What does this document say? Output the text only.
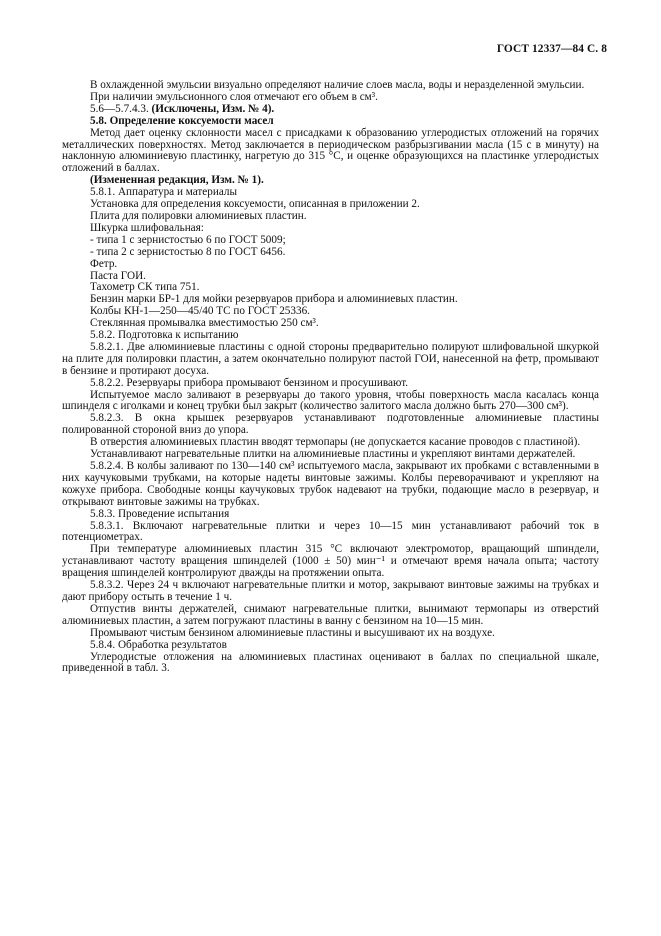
ГОСТ 12337—84 С. 8

В охлажденной эмульсии визуально определяют наличие слоев масла, воды и неразделенной эмульсии.

При наличии эмульсионного слоя отмечают его объем в см³.

5.6—5.7.4.3. (Исключены, Изм. № 4).

5.8. Определение коксуемости масел

Метод дает оценку склонности масел с присадками к образованию углеродистых отложений на горячих металлических поверхностях. Метод заключается в периодическом разбрызгивании масла (15 с в минуту) на наклонную алюминиевую пластинку, нагретую до 315 °С, и оценке образующихся на пластинке углеродистых отложений в баллах.

(Измененная редакция, Изм. № 1).

5.8.1. Аппаратура и материалы

Установка для определения коксуемости, описанная в приложении 2.

Плита для полировки алюминиевых пластин.

Шкурка шлифовальная:

- типа 1 с зернистостью 6 по ГОСТ 5009;

- типа 2 с зернистостью 8 по ГОСТ 6456.

Фетр.

Паста ГОИ.

Тахометр СК типа 751.

Бензин марки БР-1 для мойки резервуаров прибора и алюминиевых пластин.

Колбы КН-1—250—45/40 ТС по ГОСТ 25336.

Стеклянная промывалка вместимостью 250 см³.

5.8.2. Подготовка к испытанию

5.8.2.1. Две алюминиевые пластины с одной стороны предварительно полируют шлифовальной шкуркой на плите для полировки пластин, а затем окончательно полируют пастой ГОИ, нанесенной на фетр, промывают в бензине и протирают досуха.

5.8.2.2. Резервуары прибора промывают бензином и просушивают.

Испытуемое масло заливают в резервуары до такого уровня, чтобы поверхность масла касалась конца шпинделя с иголками и конец трубки был закрыт (количество залитого масла должно быть 270—300 см³).

5.8.2.3. В окна крышек резервуаров устанавливают подготовленные алюминиевые пластины полированной стороной вниз до упора.

В отверстия алюминиевых пластин вводят термопары (не допускается касание проводов с пластиной).

Устанавливают нагревательные плитки на алюминиевые пластины и укрепляют винтами держателей.

5.8.2.4. В колбы заливают по 130—140 см³ испытуемого масла, закрывают их пробками с вставленными в них каучуковыми трубками, на которые надеты винтовые зажимы. Колбы переворачивают и укрепляют на кожухе прибора. Свободные концы каучуковых трубок надевают на трубки, подающие масло в резервуар, и открывают винтовые зажимы на трубках.

5.8.3. Проведение испытания

5.8.3.1. Включают нагревательные плитки и через 10—15 мин устанавливают рабочий ток в потенциометрах.

При температуре алюминиевых пластин 315 °С включают электромотор, вращающий шпиндели, устанавливают частоту вращения шпинделей (1000 ± 50) мин⁻¹ и отмечают время начала опыта; частоту вращения шпинделей контролируют дважды на протяжении опыта.

5.8.3.2. Через 24 ч включают нагревательные плитки и мотор, закрывают винтовые зажимы на трубках и дают прибору остыть в течение 1 ч.

Отпустив винты держателей, снимают нагревательные плитки, вынимают термопары из отверстий алюминиевых пластин, а затем погружают пластины в ванну с бензином на 10—15 мин.

Промывают чистым бензином алюминиевые пластины и высушивают их на воздухе.

5.8.4. Обработка результатов

Углеродистые отложения на алюминиевых пластинах оценивают в баллах по специальной шкале, приведенной в табл. 3.
